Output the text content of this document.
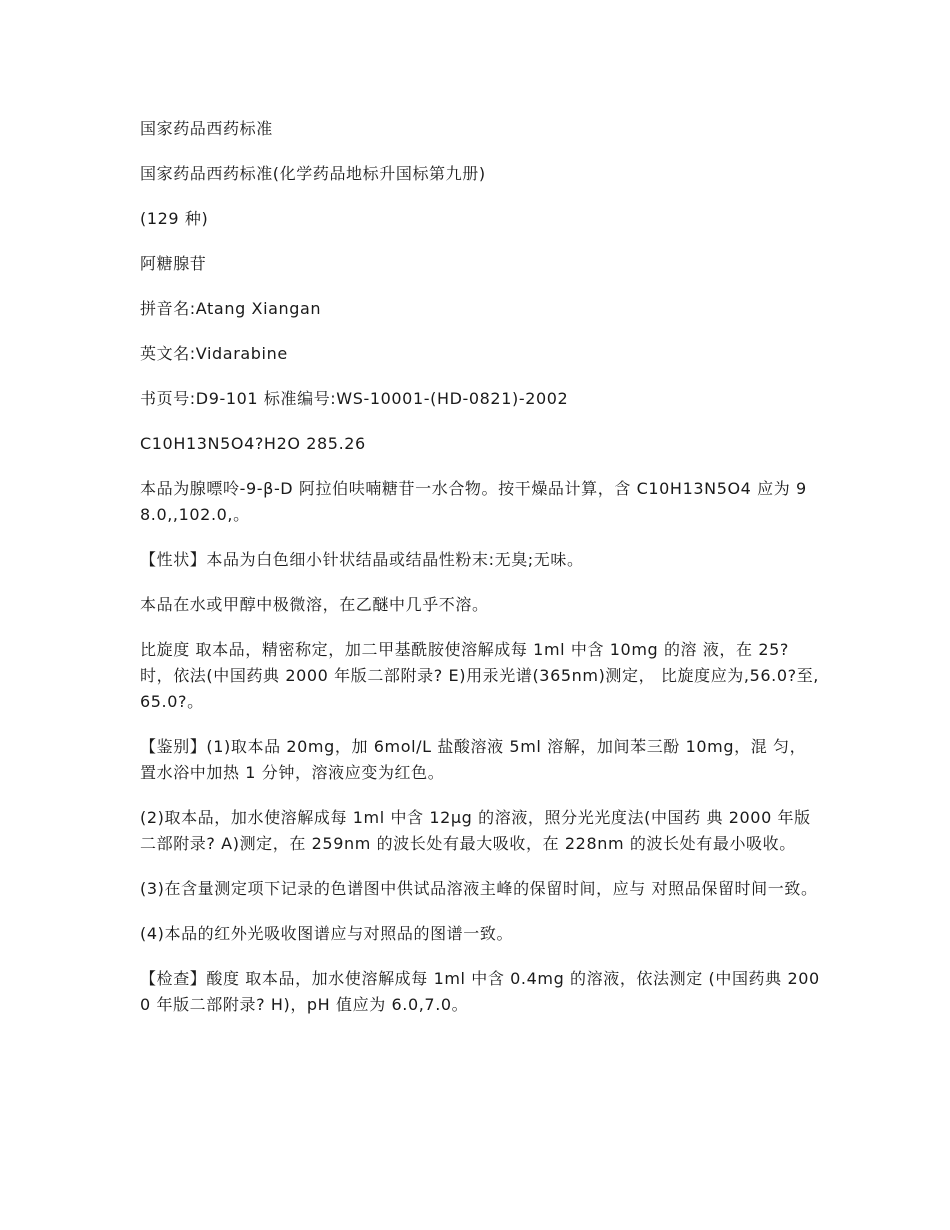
国家药品西药标准

国家药品西药标准(化学药品地标升国标第九册)

(129 种)

阿糖腺苷

拼音名:Atang Xiangan

英文名:Vidarabine

书页号:D9-101 标准编号:WS-10001-(HD-0821)-2002

C10H13N5O4?H2O 285.26

本品为腺嘌呤-9-β-D 阿拉伯呋喃糖苷一水合物。按干燥品计算，含 C10H13N5O4 应为 98.0,,102.0,。

【性状】本品为白色细小针状结晶或结晶性粉末:无臭;无味。

本品在水或甲醇中极微溶，在乙醚中几乎不溶。

比旋度 取本品，精密称定，加二甲基酰胺使溶解成每 1ml 中含 10mg 的溶 液，在 25?时，依法(中国药典 2000 年版二部附录? E)用汞光谱(365nm)测定， 比旋度应为,56.0?至,65.0?。

【鉴别】(1)取本品 20mg，加 6mol/L 盐酸溶液 5ml 溶解，加间苯三酚 10mg，混 匀，置水浴中加热 1 分钟，溶液应变为红色。

(2)取本品，加水使溶解成每 1ml 中含 12μg 的溶液，照分光光度法(中国药 典 2000 年版二部附录? A)测定，在 259nm 的波长处有最大吸收，在 228nm 的波长处有最小吸收。

(3)在含量测定项下记录的色谱图中供试品溶液主峰的保留时间，应与 对照品保留时间一致。

(4)本品的红外光吸收图谱应与对照品的图谱一致。

【检查】酸度 取本品，加水使溶解成每 1ml 中含 0.4mg 的溶液，依法测定 (中国药典 2000 年版二部附录? H)，pH 值应为 6.0,7.0。
